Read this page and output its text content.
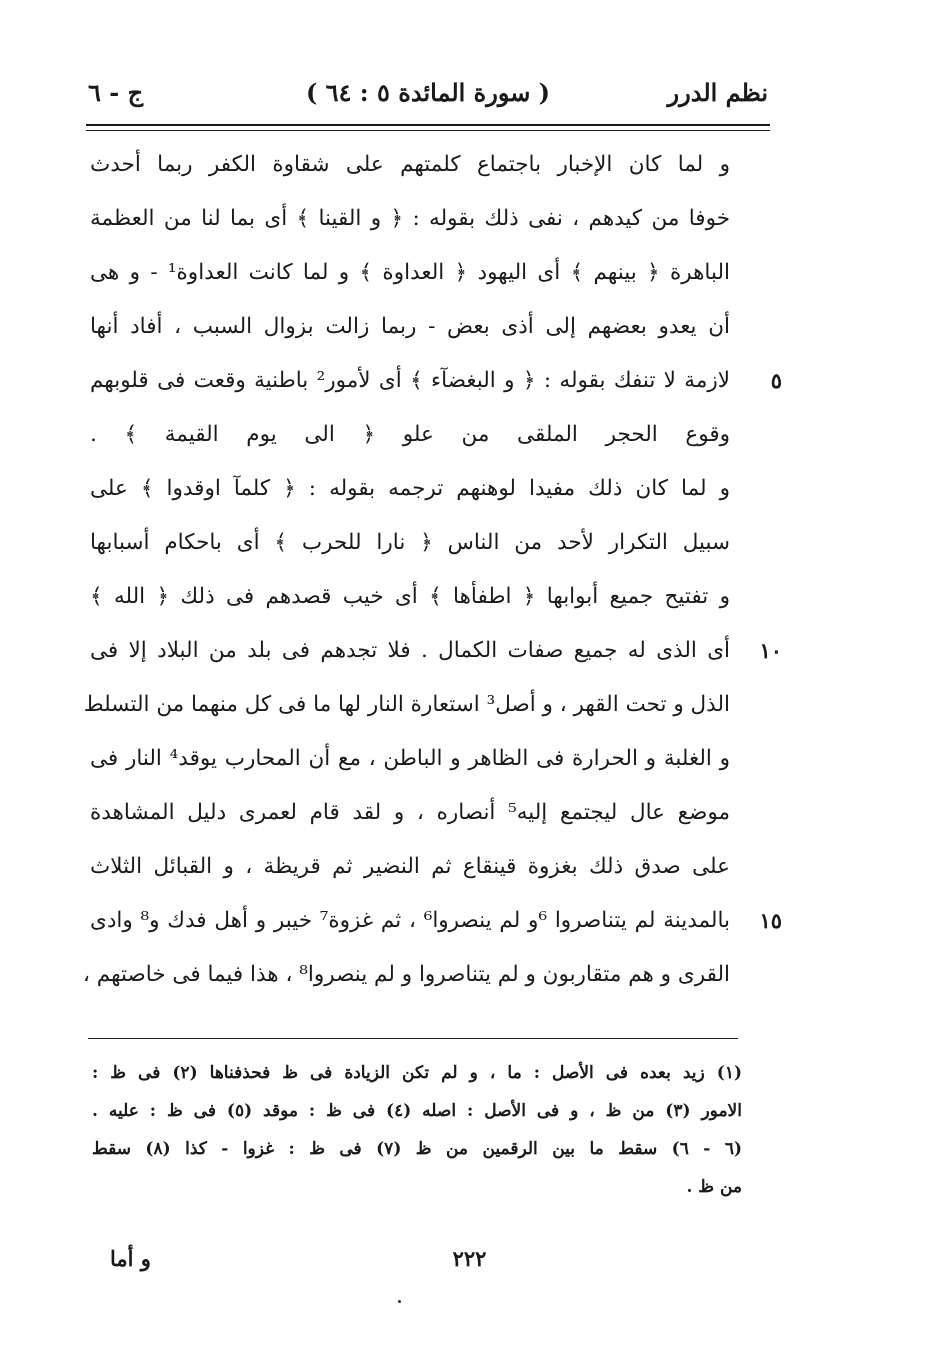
نظم الدرر
( سورة المائدة ٥ : ٦٤ )
ج - ٦
و لما كان الإخبار باجتماع كلمتهم على شقاوة الكفر ربما أحدث
خوفا من كيدهم ، نفى ذلك بقوله : ﴿ و القينا ﴾ أى بما لنا من العظمة
الباهرة ﴿ بينهم ﴾ أى اليهود ﴿ العداوة ﴾ و لما كانت العداوة¹ - و هى
أن يعدو بعضهم إلى أذى بعض - ربما زالت بزوال السبب ، أفاد أنها
لازمة لا تنفك بقوله : ﴿ و البغضآء ﴾ أى لأمور² باطنية وقعت فى قلوبهم	٥
وقوع الحجر الملقى من علو ﴿ الى يوم القيمة ﴾ .
و لما كان ذلك مفيدا لوهنهم ترجمه بقوله : ﴿ كلمآ اوقدوا ﴾ على
سبيل التكرار لأحد من الناس ﴿ نارا للحرب ﴾ أى باحكام أسبابها
و تفتيح جميع أبوابها ﴿ اطفأها ﴾ أى خيب قصدهم فى ذلك ﴿ الله ﴾
أى الذى له جميع صفات الكمال . فلا تجدهم فى بلد من البلاد إلا فى	١٠
الذل و تحت القهر ، و أصل³ استعارة النار لها ما فى كل منهما من التسلط
و الغلبة و الحرارة فى الظاهر و الباطن ، مع أن المحارب يوقد⁴ النار فى
موضع عال ليجتمع إليه⁵ أنصاره ، و لقد قام لعمرى دليل المشاهدة
على صدق ذلك بغزوة قينقاع ثم النضير ثم قريظة ، و القبائل الثلاث
بالمدينة لم يتناصروا ⁶و لم ينصروا⁶ ، ثم غزوة⁷ خيبر و أهل فدك و⁸ وادى	١٥
القرى و هم متقاربون و لم يتناصروا و لم ينصروا⁸ ، هذا فيما فى خاصتهم ،
(١) زيد بعده فى الأصل : ما ، و لم تكن الزيادة فى ظ فحذفناها (٢) فى ظ :
الامور (٣) من ظ ، و فى الأصل : اصله (٤) فى ظ : موقد (٥) فى ظ : عليه .
(٦ - ٦) سقط ما بين الرقمين من ظ (٧) فى ظ : غزوا - كذا (٨) سقط
من ظ .
٢٢٢
و أما
